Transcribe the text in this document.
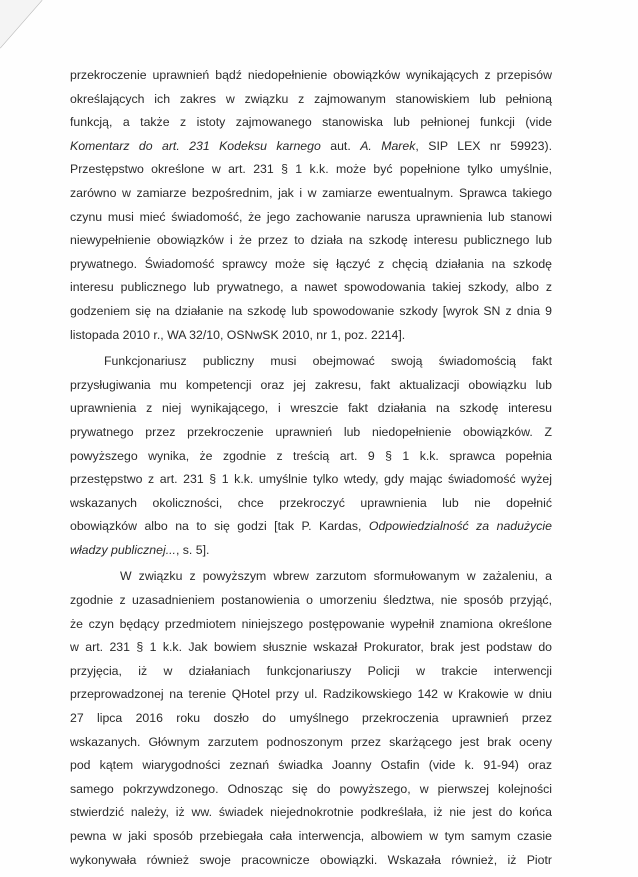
przekroczenie uprawnień bądź niedopełnienie obowiązków wynikających z przepisów
określających ich zakres w związku z zajmowanym stanowiskiem lub pełnioną
funkcją, a także z istoty zajmowanego stanowiska lub pełnionej funkcji (vide
Komentarz do art. 231 Kodeksu karnego aut. A. Marek, SIP LEX nr 59923).
Przestępstwo określone w art. 231 § 1 k.k. może być popełnione tylko umyślnie,
zarówno w zamiarze bezpośrednim, jak i w zamiarze ewentualnym. Sprawca takiego
czynu musi mieć świadomość, że jego zachowanie narusza uprawnienia lub stanowi
niewypełnienie obowiązków i że przez to działa na szkodę interesu publicznego lub
prywatnego. Świadomość sprawcy może się łączyć z chęcią działania na szkodę
interesu publicznego lub prywatnego, a nawet spowodowania takiej szkody, albo z
godzeniem się na działanie na szkodę lub spowodowanie szkody [wyrok SN z dnia 9
listopada 2010 r., WA 32/10, OSNwSK 2010, nr 1, poz. 2214].
Funkcjonariusz publiczny musi obejmować swoją świadomością fakt
przysługiwania mu kompetencji oraz jej zakresu, fakt aktualizacji obowiązku lub
uprawnienia z niej wynikającego, i wreszcie fakt działania na szkodę interesu
prywatnego przez przekroczenie uprawnień lub niedopełnienie obowiązków. Z
powyższego wynika, że zgodnie z treścią art. 9 § 1 k.k. sprawca popełnia
przestępstwo z art. 231 § 1 k.k. umyślnie tylko wtedy, gdy mając świadomość wyżej
wskazanych okoliczności, chce przekroczyć uprawnienia lub nie dopełnić
obowiązków albo na to się godzi [tak P. Kardas, Odpowiedzialność za nadużycie
władzy publicznej..., s. 5].
W związku z powyższym wbrew zarzutom sformułowanym w zażaleniu, a
zgodnie z uzasadnieniem postanowienia o umorzeniu śledztwa, nie sposób przyjąć,
że czyn będący przedmiotem niniejszego postępowanie wypełnił znamiona określone
w art. 231 § 1 k.k. Jak bowiem słusznie wskazał Prokurator, brak jest podstaw do
przyjęcia, iż w działaniach funkcjonariuszy Policji w trakcie interwencji
przeprowadzonej na terenie QHotel przy ul. Radzikowskiego 142 w Krakowie w dniu
27 lipca 2016 roku doszło do umyślnego przekroczenia uprawnień przez
wskazanych. Głównym zarzutem podnoszonym przez skarżącego jest brak oceny
pod kątem wiarygodności zeznań świadka Joanny Ostafin (vide k. 91-94) oraz
samego pokrzywdzonego. Odnosząc się do powyższego, w pierwszej kolejności
stwierdzić należy, iż ww. świadek niejednokrotnie podkreślała, iż nie jest do końca
pewna w jaki sposób przebiegała cała interwencja, albowiem w tym samym czasie
wykonywała również swoje pracownicze obowiązki. Wskazała również, iż Piotr
